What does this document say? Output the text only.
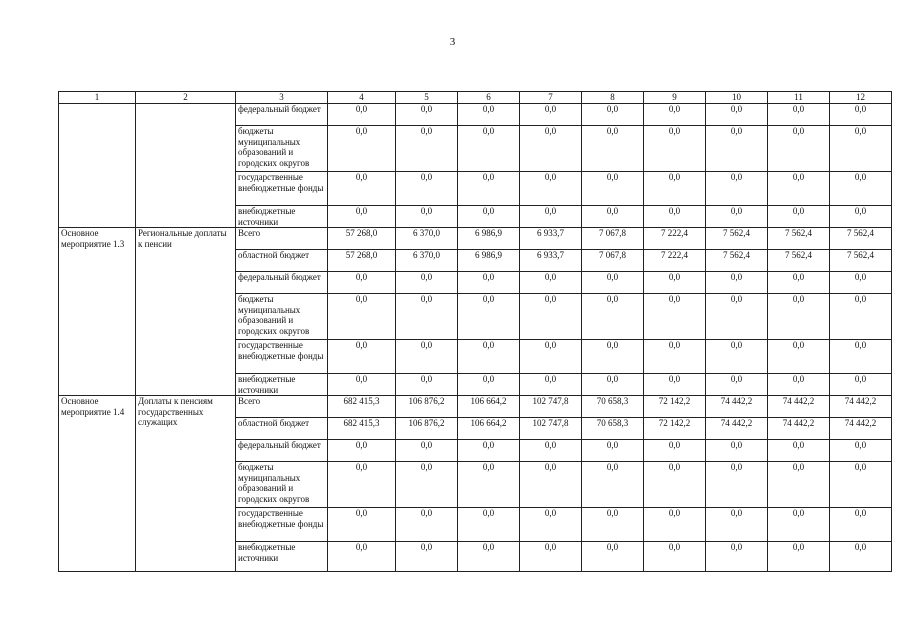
3
1	2	3	4	5	6	7	8	9	10	11	12
		федеральный бюджет	0,0	0,0	0,0	0,0	0,0	0,0	0,0	0,0	0,0
		бюджеты муниципальных образований и городских округов	0,0	0,0	0,0	0,0	0,0	0,0	0,0	0,0	0,0
		государственные внебюджетные фонды	0,0	0,0	0,0	0,0	0,0	0,0	0,0	0,0	0,0
		внебюджетные источники	0,0	0,0	0,0	0,0	0,0	0,0	0,0	0,0	0,0
Основное мероприятие 1.3	Региональные доплаты к пенсии	Всего	57 268,0	6 370,0	6 986,9	6 933,7	7 067,8	7 222,4	7 562,4	7 562,4	7 562,4
		областной бюджет	57 268,0	6 370,0	6 986,9	6 933,7	7 067,8	7 222,4	7 562,4	7 562,4	7 562,4
		федеральный бюджет	0,0	0,0	0,0	0,0	0,0	0,0	0,0	0,0	0,0
		бюджеты муниципальных образований и городских округов	0,0	0,0	0,0	0,0	0,0	0,0	0,0	0,0	0,0
		государственные внебюджетные фонды	0,0	0,0	0,0	0,0	0,0	0,0	0,0	0,0	0,0
		внебюджетные источники	0,0	0,0	0,0	0,0	0,0	0,0	0,0	0,0	0,0
Основное мероприятие 1.4	Доплаты к пенсиям государственных служащих	Всего	682 415,3	106 876,2	106 664,2	102 747,8	70 658,3	72 142,2	74 442,2	74 442,2	74 442,2
		областной бюджет	682 415,3	106 876,2	106 664,2	102 747,8	70 658,3	72 142,2	74 442,2	74 442,2	74 442,2
		федеральный бюджет	0,0	0,0	0,0	0,0	0,0	0,0	0,0	0,0	0,0
		бюджеты муниципальных образований и городских округов	0,0	0,0	0,0	0,0	0,0	0,0	0,0	0,0	0,0
		государственные внебюджетные фонды	0,0	0,0	0,0	0,0	0,0	0,0	0,0	0,0	0,0
		внебюджетные источники	0,0	0,0	0,0	0,0	0,0	0,0	0,0	0,0	0,0
